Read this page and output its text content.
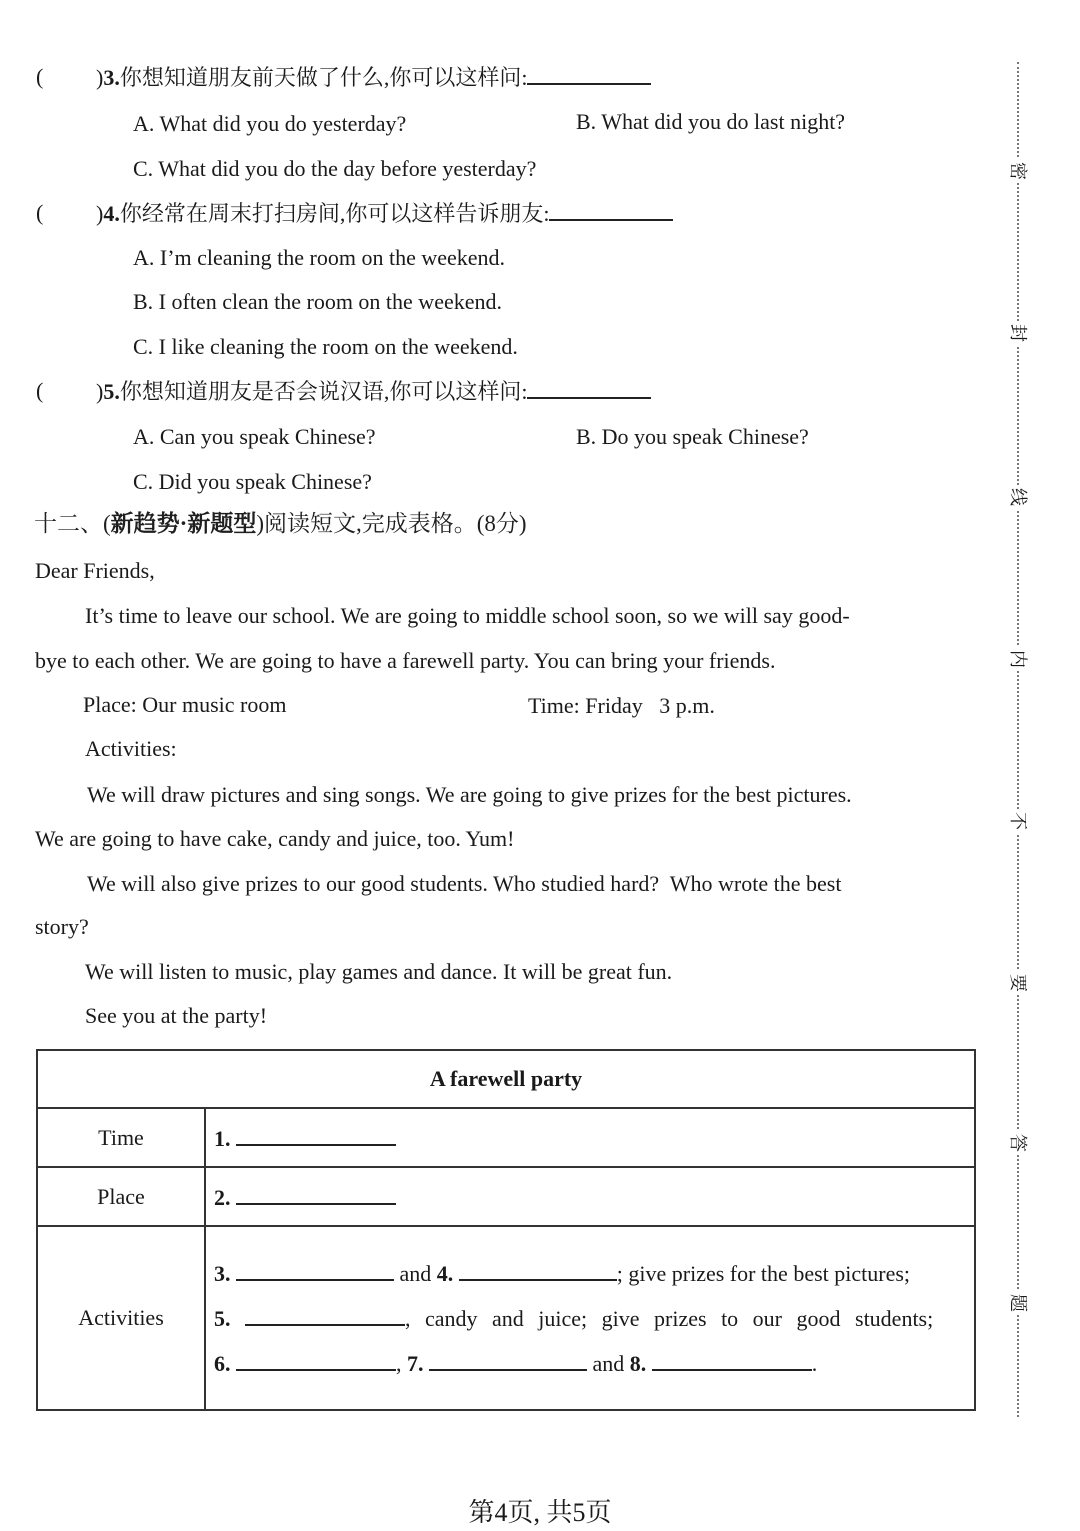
( )3.你想知道朋友前天做了什么,你可以这样问:
A. What did you do yesterday?	B. What did you do last night?
C. What did you do the day before yesterday?
( )4.你经常在周末打扫房间,你可以这样告诉朋友:
A. I’m cleaning the room on the weekend.
B. I often clean the room on the weekend.
C. I like cleaning the room on the weekend.
( )5.你想知道朋友是否会说汉语,你可以这样问:
A. Can you speak Chinese?	B. Do you speak Chinese?
C. Did you speak Chinese?
十二、(新趋势·新题型)阅读短文,完成表格。(8分)
Dear Friends,
It’s time to leave our school. We are going to middle school soon, so we will say good-
bye to each other. We are going to have a farewell party. You can bring your friends.
Place: Our music room	Time: Friday   3 p.m.
Activities:
We will draw pictures and sing songs. We are going to give prizes for the best pictures.
We are going to have cake, candy and juice, too. Yum!
We will also give prizes to our good students. Who studied hard?  Who wrote the best
story?
We will listen to music, play games and dance. It will be great fun.
See you at the party!
A farewell party	
Time	1.
Place	2.
Activities	3. and 4. ; give prizes for the best pictures;
5. , candy and juice; give prizes to our good students;
6. , 7. and 8. .
密
封
线
内
不
要
答
题
第4页, 共5页
